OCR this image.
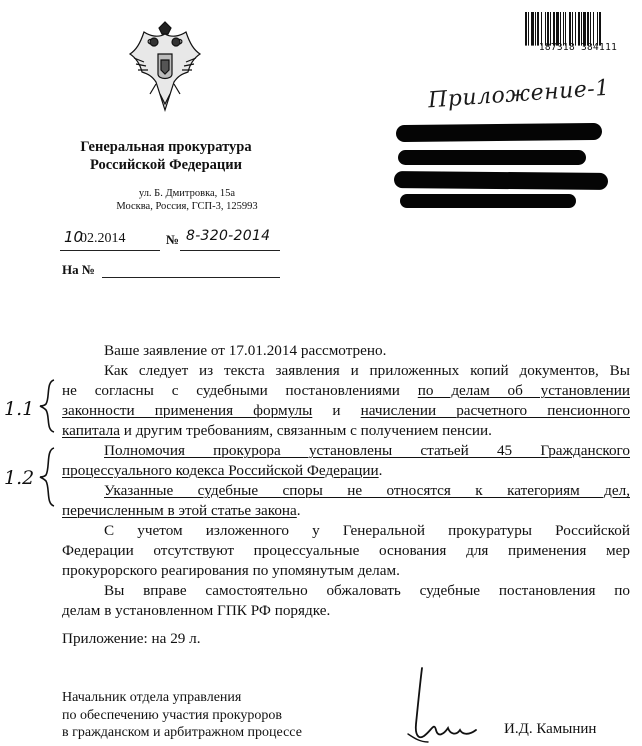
Генеральная прокуратура
Российской Федерации
ул. Б. Дмитровка, 15а
Москва, Россия, ГСП-3, 125993
187318 384111
Приложение-1
10
02.2014	№ 8-320-2014
На №
Ваше заявление от 17.01.2014 рассмотрено.
Как следует из текста заявления и приложенных копий документов, Вы
не согласны с судебными постановлениями по делам об установлении
законности применения формулы и начислении расчетного пенсионного
капитала и другим требованиям, связанным с получением пенсии.
Полномочия прокурора установлены статьей 45 Гражданского
процессуального кодекса Российской Федерации.
Указанные судебные споры не относятся к категориям дел,
перечисленным в этой статье закона.
С учетом изложенного у Генеральной прокуратуры Российской
Федерации отсутствуют процессуальные основания для применения мер
прокурорского реагирования по упомянутым делам.
Вы вправе самостоятельно обжаловать судебные постановления по
делам в установленном ГПК РФ порядке.
Приложение: на 29 л.
1.1
1.2
Начальник отдела управления
по обеспечению участия прокуроров
в гражданском и арбитражном процессе	И.Д. Камынин
